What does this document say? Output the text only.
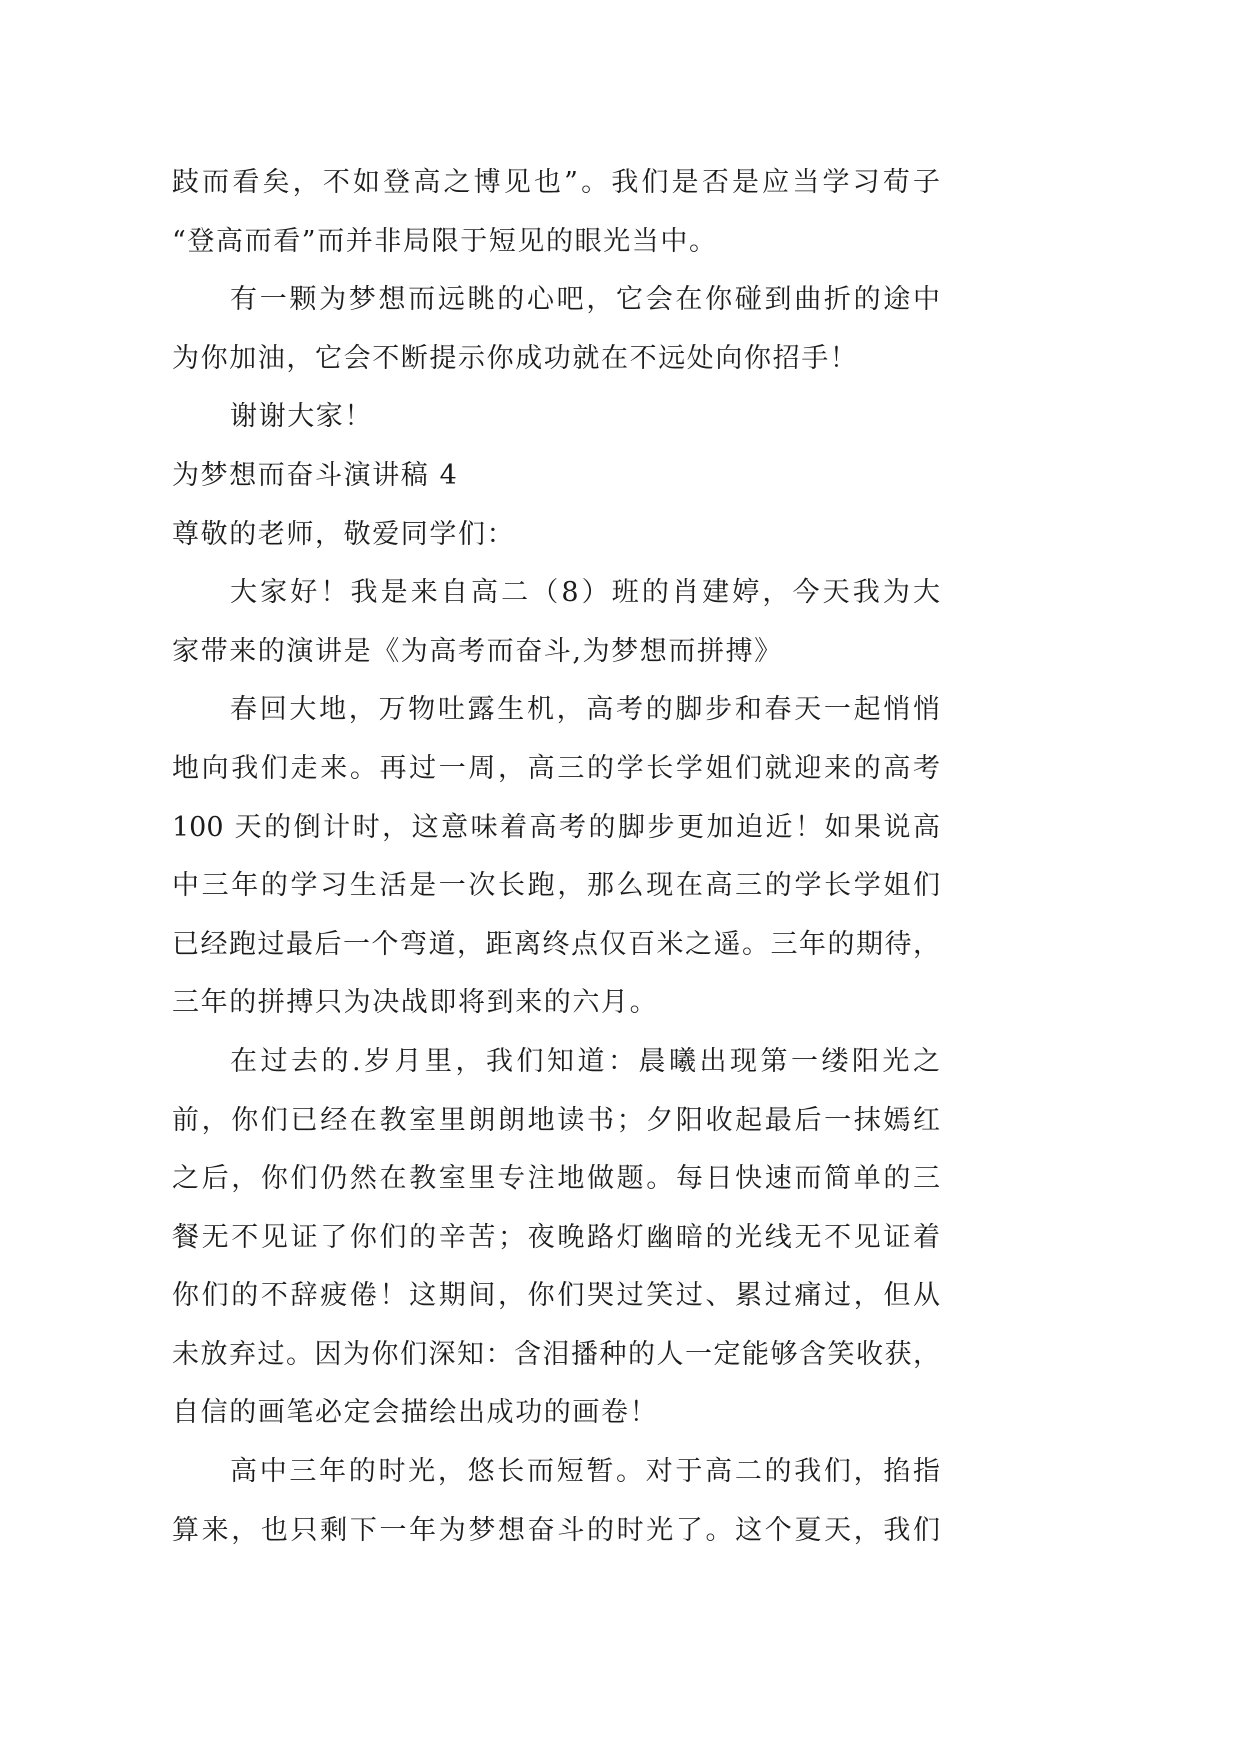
跂而看矣，不如登高之博见也”。我们是否是应当学习荀子
“登高而看”而并非局限于短见的眼光当中。
有一颗为梦想而远眺的心吧，它会在你碰到曲折的途中
为你加油，它会不断提示你成功就在不远处向你招手！
谢谢大家！
为梦想而奋斗演讲稿 4
尊敬的老师，敬爱同学们：
大家好！我是来自高二（8）班的肖建婷，今天我为大
家带来的演讲是《为高考而奋斗,为梦想而拼搏》
春回大地，万物吐露生机，高考的脚步和春天一起悄悄
地向我们走来。再过一周，高三的学长学姐们就迎来的高考
100 天的倒计时，这意味着高考的脚步更加迫近！如果说高
中三年的学习生活是一次长跑，那么现在高三的学长学姐们
已经跑过最后一个弯道，距离终点仅百米之遥。三年的期待，
三年的拼搏只为决战即将到来的六月。
在过去的.岁月里，我们知道：晨曦出现第一缕阳光之
前，你们已经在教室里朗朗地读书；夕阳收起最后一抹嫣红
之后，你们仍然在教室里专注地做题。每日快速而简单的三
餐无不见证了你们的辛苦；夜晚路灯幽暗的光线无不见证着
你们的不辞疲倦！这期间，你们哭过笑过、累过痛过，但从
未放弃过。因为你们深知：含泪播种的人一定能够含笑收获，
自信的画笔必定会描绘出成功的画卷！
高中三年的时光，悠长而短暂。对于高二的我们，掐指
算来，也只剩下一年为梦想奋斗的时光了。这个夏天，我们
